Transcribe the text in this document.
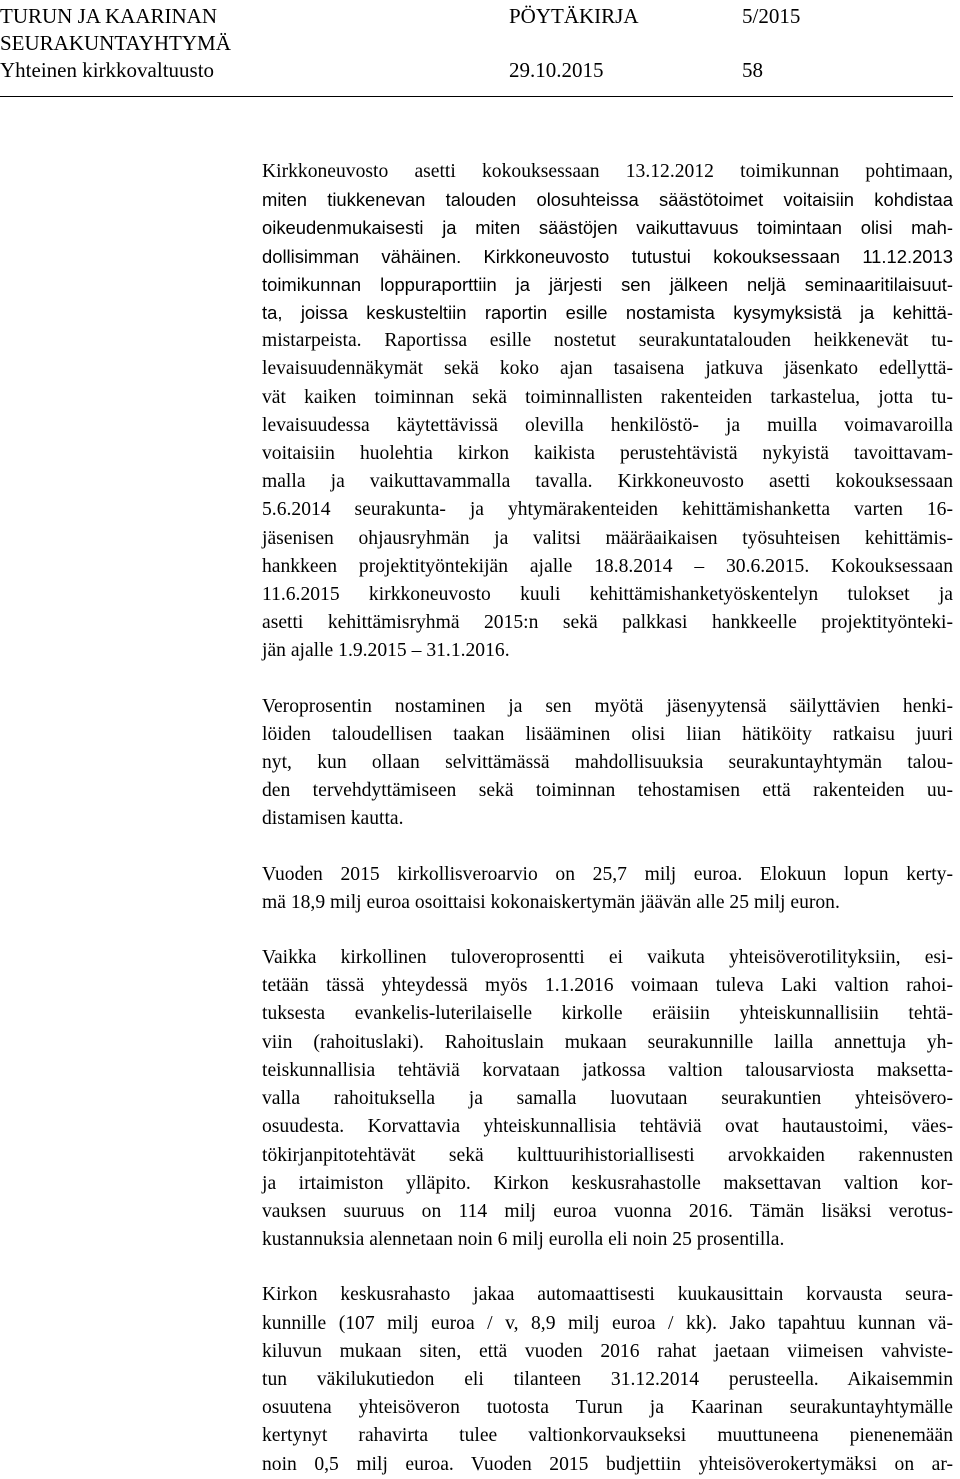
TURUN JA KAARINAN	PÖYTÄKIRJA	5/2015
SEURAKUNTAYHTYMÄ
Yhteinen kirkkovaltuusto	29.10.2015	58
Kirkkoneuvosto asetti kokouksessaan 13.12.2012 toimikunnan pohtimaan,
miten tiukkenevan talouden olosuhteissa säästötoimet voitaisiin kohdistaa
oikeudenmukaisesti ja miten säästöjen vaikuttavuus toimintaan olisi mah-
dollisimman vähäinen. Kirkkoneuvosto tutustui kokouksessaan 11.12.2013
toimikunnan loppuraporttiin ja järjesti sen jälkeen neljä seminaaritilaisuut-
ta, joissa keskusteltiin raportin esille nostamista kysymyksistä ja kehittä-
mistarpeista. Raportissa esille nostetut seurakuntatalouden heikkenevät tu-
levaisuudennäkymät sekä koko ajan tasaisena jatkuva jäsenkato edellyttä-
vät kaiken toiminnan sekä toiminnallisten rakenteiden tarkastelua, jotta tu-
levaisuudessa käytettävissä olevilla henkilöstö- ja muilla voimavaroilla
voitaisiin huolehtia kirkon kaikista perustehtävistä nykyistä tavoittavam-
malla ja vaikuttavammalla tavalla. Kirkkoneuvosto asetti kokouksessaan
5.6.2014 seurakunta- ja yhtymärakenteiden kehittämishanketta varten 16-
jäsenisen ohjausryhmän ja valitsi määräaikaisen työsuhteisen kehittämis-
hankkeen projektityöntekijän ajalle 18.8.2014 – 30.6.2015. Kokouksessaan
11.6.2015 kirkkoneuvosto kuuli kehittämishanketyöskentelyn tulokset ja
asetti kehittämisryhmä 2015:n sekä palkkasi hankkeelle projektityönteki-
jän ajalle 1.9.2015 – 31.1.2016.
Veroprosentin nostaminen ja sen myötä jäsenyytensä säilyttävien henki-
löiden taloudellisen taakan lisääminen olisi liian hätiköity ratkaisu juuri
nyt, kun ollaan selvittämässä mahdollisuuksia seurakuntayhtymän talou-
den tervehdyttämiseen sekä toiminnan tehostamisen että rakenteiden uu-
distamisen kautta.
Vuoden 2015 kirkollisveroarvio on 25,7 milj euroa. Elokuun lopun kerty-
mä 18,9 milj euroa osoittaisi kokonaiskertymän jäävän alle 25 milj euron.
Vaikka kirkollinen tuloveroprosentti ei vaikuta yhteisöverotilityksiin, esi-
tetään tässä yhteydessä myös 1.1.2016 voimaan tuleva Laki valtion rahoi-
tuksesta evankelis-luterilaiselle kirkolle eräisiin yhteiskunnallisiin tehtä-
viin (rahoituslaki). Rahoituslain mukaan seurakunnille lailla annettuja yh-
teiskunnallisia tehtäviä korvataan jatkossa valtion talousarviosta maksetta-
valla rahoituksella ja samalla luovutaan seurakuntien yhteisövero-
osuudesta. Korvattavia yhteiskunnallisia tehtäviä ovat hautaustoimi, väes-
tökirjanpitotehtävät sekä kulttuurihistoriallisesti arvokkaiden rakennusten
ja irtaimiston ylläpito. Kirkon keskusrahastolle maksettavan valtion kor-
vauksen suuruus on 114 milj euroa vuonna 2016. Tämän lisäksi verotus-
kustannuksia alennetaan noin 6 milj eurolla eli noin 25 prosentilla.
Kirkon keskusrahasto jakaa automaattisesti kuukausittain korvausta seura-
kunnille (107 milj euroa / v, 8,9 milj euroa / kk). Jako tapahtuu kunnan vä-
kiluvun mukaan siten, että vuoden 2016 rahat jaetaan viimeisen vahviste-
tun väkilukutiedon eli tilanteen 31.12.2014 perusteella. Aikaisemmin
osuutena yhteisöveron tuotosta Turun ja Kaarinan seurakuntayhtymälle
kertynyt rahavirta tulee valtionkorvaukseksi muuttuneena pienenemään
noin 0,5 milj euroa. Vuoden 2015 budjettiin yhteisöverokertymäksi on ar-
